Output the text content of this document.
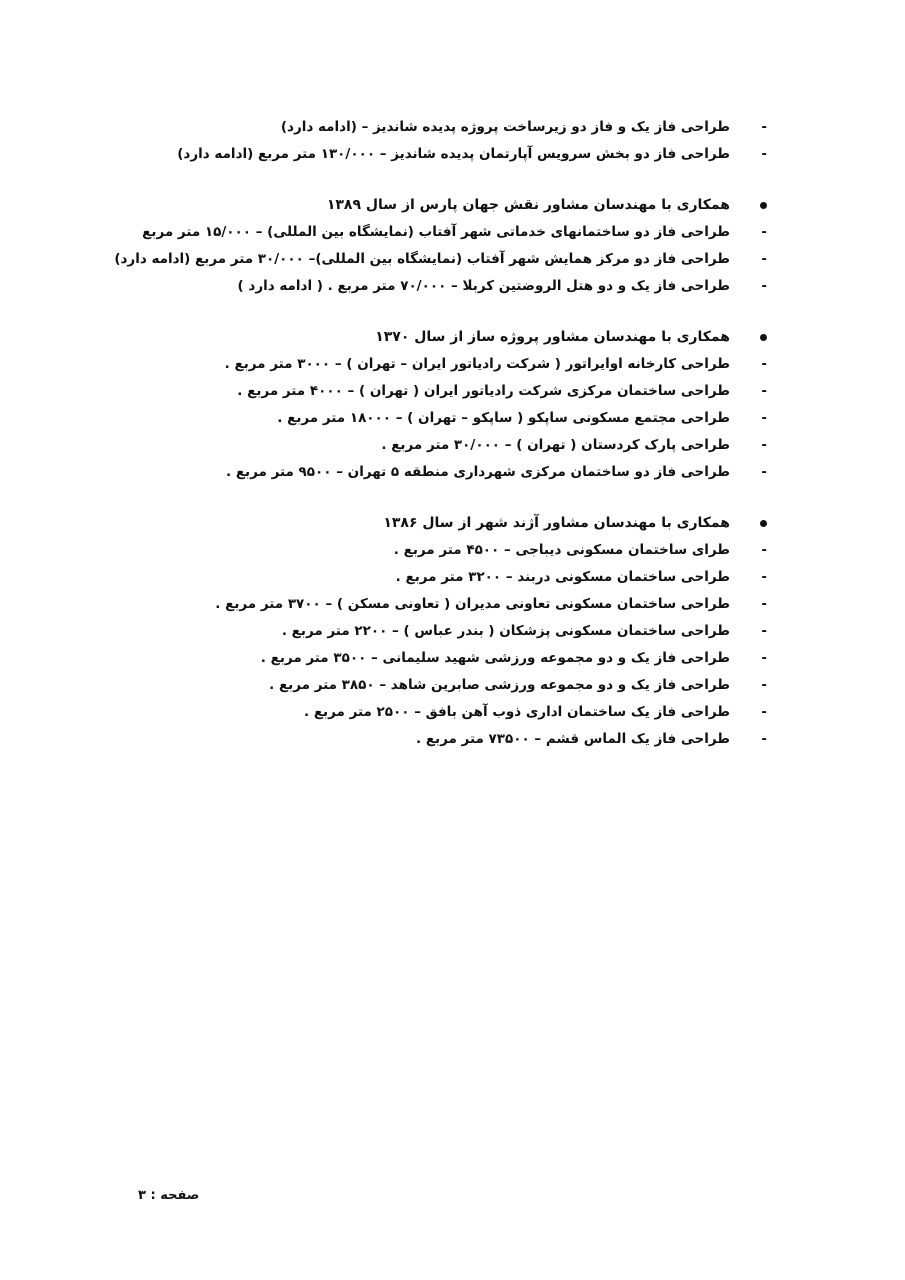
-
طراحی فاز یک و فاز دو زیرساخت پروژه پدیده شاندیز – (ادامه دارد)
-
طراحی فاز دو بخش سرویس آپارتمان پدیده شاندیز – ۱۳۰/۰۰۰ متر مربع (ادامه دارد)
همکاری با مهندسان مشاور نقش جهان پارس از سال ۱۳۸۹
-
طراحی فاز دو ساختمانهای خدماتی شهر آفتاب (نمایشگاه بین المللی) – ۱۵/۰۰۰ متر مربع
-
طراحی فاز دو مرکز همایش شهر آفتاب (نمایشگاه بین المللی)– ۳۰/۰۰۰ متر مربع (ادامه دارد)
-
طراحی فاز یک و دو هتل الروضتین کربلا – ۷۰/۰۰۰ متر مربع . ( ادامه دارد )
همکاری با مهندسان مشاور پروژه ساز از سال ۱۳۷۰
-
طراحی کارخانه اوایراتور ( شرکت رادیاتور ایران – تهران ) – ۳۰۰۰ متر مربع .
-
طراحی ساختمان مرکزی شرکت رادیاتور ایران ( تهران ) – ۴۰۰۰ متر مربع .
-
طراحی مجتمع مسکونی ساپکو ( ساپکو – تهران ) – ۱۸۰۰۰ متر مربع .
-
طراحی پارک کردستان ( تهران ) – ۳۰/۰۰۰ متر مربع .
-
طراحی فاز دو ساختمان مرکزی شهرداری منطقه ۵ تهران – ۹۵۰۰ متر مربع .
همکاری با مهندسان مشاور آژند شهر از سال ۱۳۸۶
-
طرای ساختمان مسکونی دیباجی – ۴۵۰۰ متر مربع .
-
طراحی ساختمان مسکونی دربند – ۳۲۰۰ متر مربع .
-
طراحی ساختمان مسکونی تعاونی مدیران ( تعاونی مسکن ) – ۳۷۰۰ متر مربع .
-
طراحی ساختمان مسکونی پزشکان ( بندر عباس ) – ۲۲۰۰ متر مربع .
-
طراحی فاز یک و دو مجموعه ورزشی شهید سلیمانی – ۳۵۰۰ متر مربع .
-
طراحی فاز یک و دو مجموعه ورزشی صابرین شاهد – ۳۸۵۰ متر مربع .
-
طراحی فاز یک ساختمان اداری ذوب آهن بافق – ۲۵۰۰ متر مربع .
-
طراحی فاز یک الماس قشم – ۷۳۵۰۰ متر مربع .
صفحه : ۳
